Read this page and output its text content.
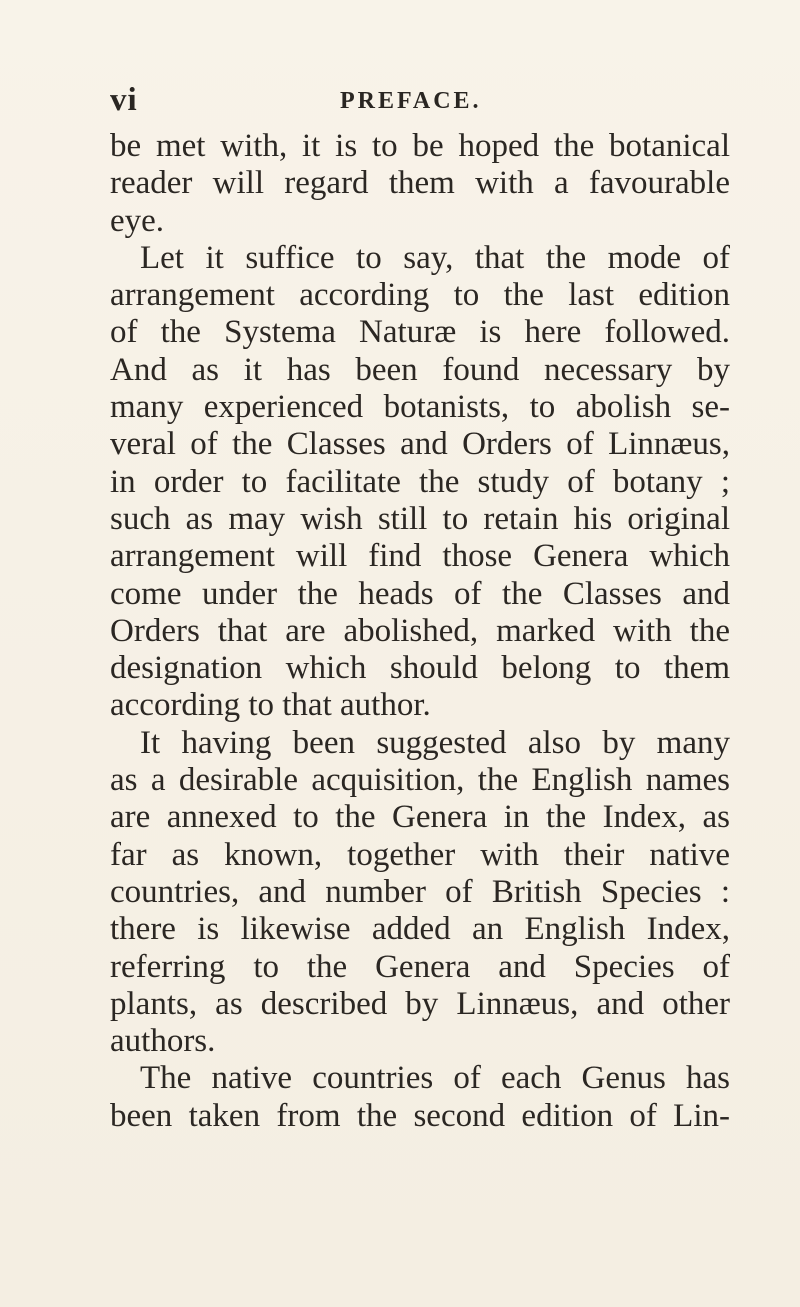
vi	PREFACE.
be met with, it is to be hoped the botanical
reader will regard them with a favourable
eye.
Let it suffice to say, that the mode of
arrangement according to the last edition
of the Systema Naturæ is here followed.
And as it has been found necessary by
many experienced botanists, to abolish se-
veral of the Classes and Orders of Linnæus,
in order to facilitate the study of botany ;
such as may wish still to retain his original
arrangement will find those Genera which
come under the heads of the Classes and
Orders that are abolished, marked with the
designation which should belong to them
according to that author.
It having been suggested also by many
as a desirable acquisition, the English names
are annexed to the Genera in the Index, as
far as known, together with their native
countries, and number of British Species :
there is likewise added an English Index,
referring to the Genera and Species of
plants, as described by Linnæus, and other
authors.
The native countries of each Genus has
been taken from the second edition of Lin-
